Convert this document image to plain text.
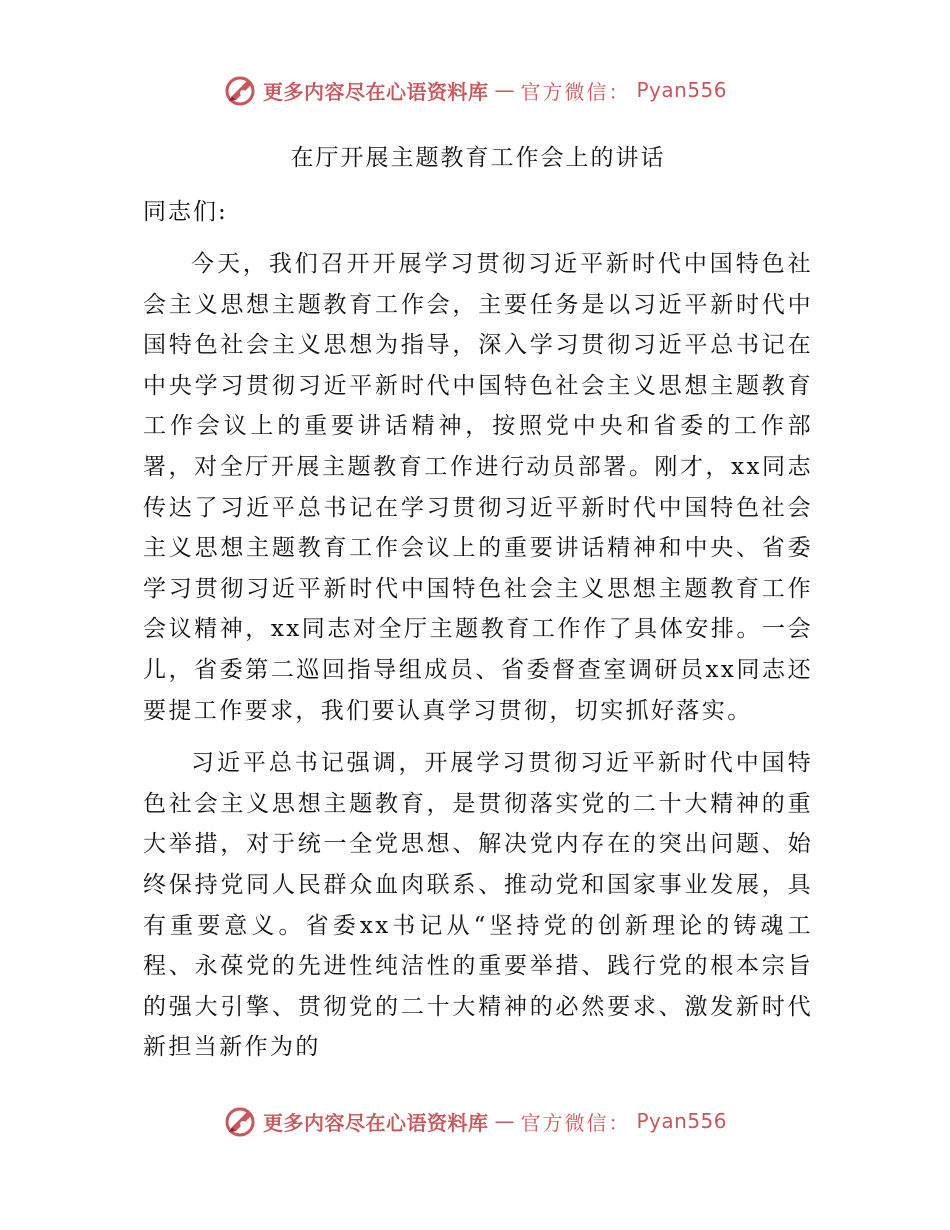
更多内容尽在心语资料库 — 官方微信： Pyan556
在厅开展主题教育工作会上的讲话

同志们:

今天，我们召开开展学习贯彻习近平新时代中国特色社会主义思想主题教育工作会，主要任务是以习近平新时代中国特色社会主义思想为指导，深入学习贯彻习近平总书记在中央学习贯彻习近平新时代中国特色社会主义思想主题教育工作会议上的重要讲话精神，按照党中央和省委的工作部署，对全厅开展主题教育工作进行动员部署。刚才，xx同志传达了习近平总书记在学习贯彻习近平新时代中国特色社会主义思想主题教育工作会议上的重要讲话精神和中央、省委学习贯彻习近平新时代中国特色社会主义思想主题教育工作会议精神，xx同志对全厅主题教育工作作了具体安排。一会儿，省委第二巡回指导组成员、省委督查室调研员xx同志还要提工作要求，我们要认真学习贯彻，切实抓好落实。

习近平总书记强调，开展学习贯彻习近平新时代中国特色社会主义思想主题教育，是贯彻落实党的二十大精神的重大举措，对于统一全党思想、解决党内存在的突出问题、始终保持党同人民群众血肉联系、推动党和国家事业发展，具有重要意义。省委xx书记从“坚持党的创新理论的铸魂工程、永葆党的先进性纯洁性的重要举措、践行党的根本宗旨的强大引擎、贯彻党的二十大精神的必然要求、激发新时代新担当新作为的

更多内容尽在心语资料库 — 官方微信： Pyan556
